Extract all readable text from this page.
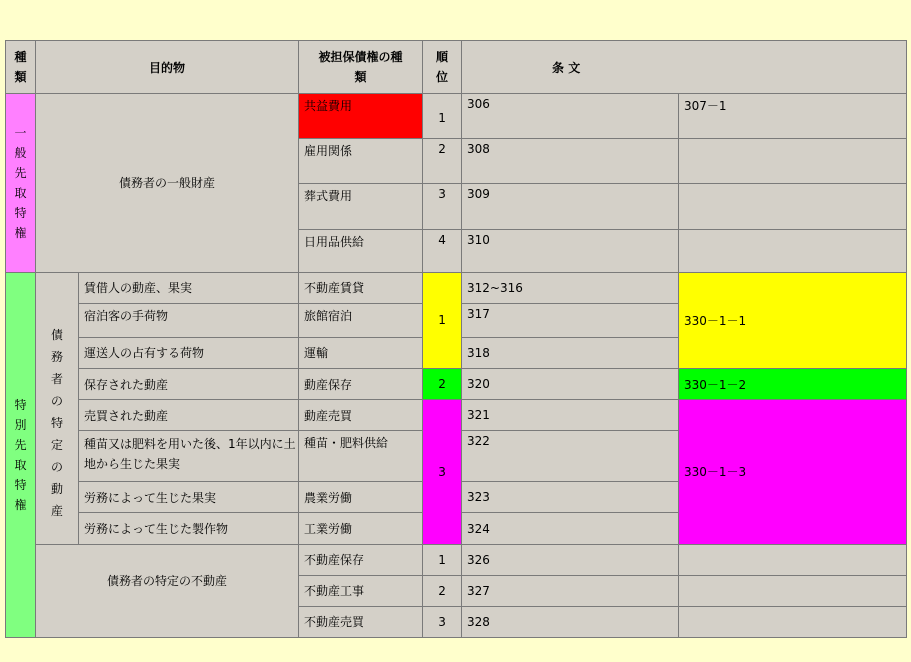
種類	目的物		被担保債権の種類	順位	条 文	
一般先取特権	債務者の一般財産		共益費用	1	306	307－1
			雇用関係	2	308	
			葬式費用	3	309	
			日用品供給	4	310	
特別先取特権	債務者の特定の動産	賃借人の動産、果実	不動産賃貸	1	312~316	330－1－1
		宿泊客の手荷物	旅館宿泊		317	
		運送人の占有する荷物	運輸		318	
		保存された動産	動産保存	2	320	330－1－2
		売買された動産	動産売買	3	321	330－1－3
		種苗又は肥料を用いた後、1年以内に土地から生じた果実	種苗・肥料供給		322	
		労務によって生じた果実	農業労働		323	
		労務によって生じた製作物	工業労働		324	
	債務者の特定の不動産		不動産保存	1	326	
			不動産工事	2	327	
			不動産売買	3	328	
